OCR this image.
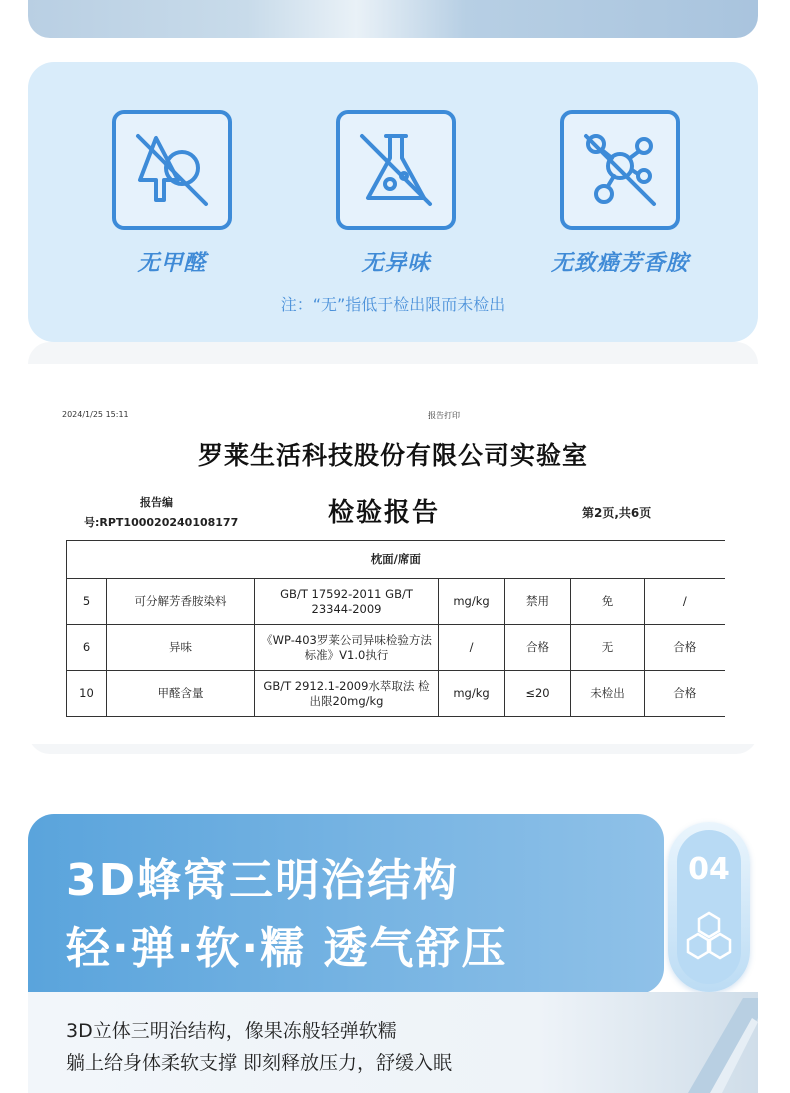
无甲醛	无异味	无致癌芳香胺
注：“无”指低于检出限而未检出
2024/1/25 15:11	报告打印
罗莱生活科技股份有限公司实验室
报告编
号:RPT100020240108177	检验报告	第2页,共6页
枕面/席面						
5	可分解芳香胺染料	GB/T 17592-2011 GB/T 23344-2009	mg/kg	禁用	免	/
6	异味	《WP-403罗莱公司异味检验方法标准》V1.0执行	/	合格	无	合格
10	甲醛含量	GB/T 2912.1-2009水萃取法 检出限20mg/kg	mg/kg	≤20	未检出	合格
3D蜂窝三明治结构
轻·弹·软·糯 透气舒压
04
3D立体三明治结构，像果冻般轻弹软糯
躺上给身体柔软支撑 即刻释放压力，舒缓入眠
